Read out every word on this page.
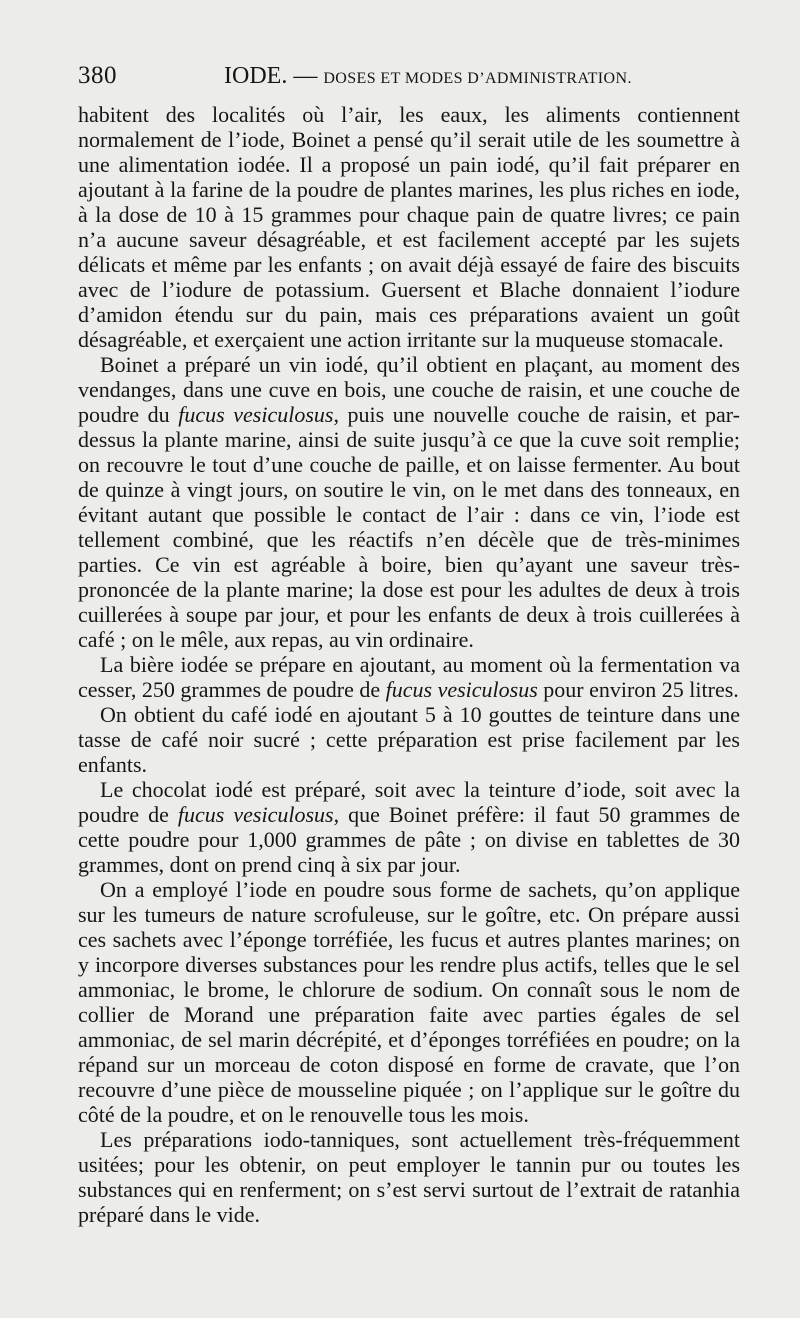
380	IODE. — DOSES ET MODES D’ADMINISTRATION.

habitent des localités où l’air, les eaux, les aliments contiennent normalement de l’iode, Boinet a pensé qu’il serait utile de les soumettre à une alimentation iodée. Il a proposé un pain iodé, qu’il fait préparer en ajoutant à la farine de la poudre de plantes marines, les plus riches en iode, à la dose de 10 à 15 grammes pour chaque pain de quatre livres; ce pain n’a aucune saveur désagréable, et est facilement accepté par les sujets délicats et même par les enfants ; on avait déjà essayé de faire des biscuits avec de l’iodure de potassium. Guersent et Blache donnaient l’iodure d’amidon étendu sur du pain, mais ces préparations avaient un goût désagréable, et exerçaient une action irritante sur la muqueuse stomacale.

Boinet a préparé un vin iodé, qu’il obtient en plaçant, au moment des vendanges, dans une cuve en bois, une couche de raisin, et une couche de poudre du fucus vesiculosus, puis une nouvelle couche de raisin, et par-dessus la plante marine, ainsi de suite jusqu’à ce que la cuve soit remplie; on recouvre le tout d’une couche de paille, et on laisse fermenter. Au bout de quinze à vingt jours, on soutire le vin, on le met dans des tonneaux, en évitant autant que possible le contact de l’air : dans ce vin, l’iode est tellement combiné, que les réactifs n’en décèle que de très-minimes parties. Ce vin est agréable à boire, bien qu’ayant une saveur très-prononcée de la plante marine; la dose est pour les adultes de deux à trois cuillerées à soupe par jour, et pour les enfants de deux à trois cuillerées à café ; on le mêle, aux repas, au vin ordinaire.

La bière iodée se prépare en ajoutant, au moment où la fermentation va cesser, 250 grammes de poudre de fucus vesiculosus pour environ 25 litres.

On obtient du café iodé en ajoutant 5 à 10 gouttes de teinture dans une tasse de café noir sucré ; cette préparation est prise facilement par les enfants.

Le chocolat iodé est préparé, soit avec la teinture d’iode, soit avec la poudre de fucus vesiculosus, que Boinet préfère: il faut 50 grammes de cette poudre pour 1,000 grammes de pâte ; on divise en tablettes de 30 grammes, dont on prend cinq à six par jour.

On a employé l’iode en poudre sous forme de sachets, qu’on applique sur les tumeurs de nature scrofuleuse, sur le goître, etc. On prépare aussi ces sachets avec l’éponge torréfiée, les fucus et autres plantes marines; on y incorpore diverses substances pour les rendre plus actifs, telles que le sel ammoniac, le brome, le chlorure de sodium. On connaît sous le nom de collier de Morand une préparation faite avec parties égales de sel ammoniac, de sel marin décrépité, et d’éponges torréfiées en poudre; on la répand sur un morceau de coton disposé en forme de cravate, que l’on recouvre d’une pièce de mousseline piquée ; on l’applique sur le goître du côté de la poudre, et on le renouvelle tous les mois.

Les préparations iodo-tanniques, sont actuellement très-fréquemment usitées; pour les obtenir, on peut employer le tannin pur ou toutes les substances qui en renferment; on s’est servi surtout de l’extrait de ratanhia préparé dans le vide.
